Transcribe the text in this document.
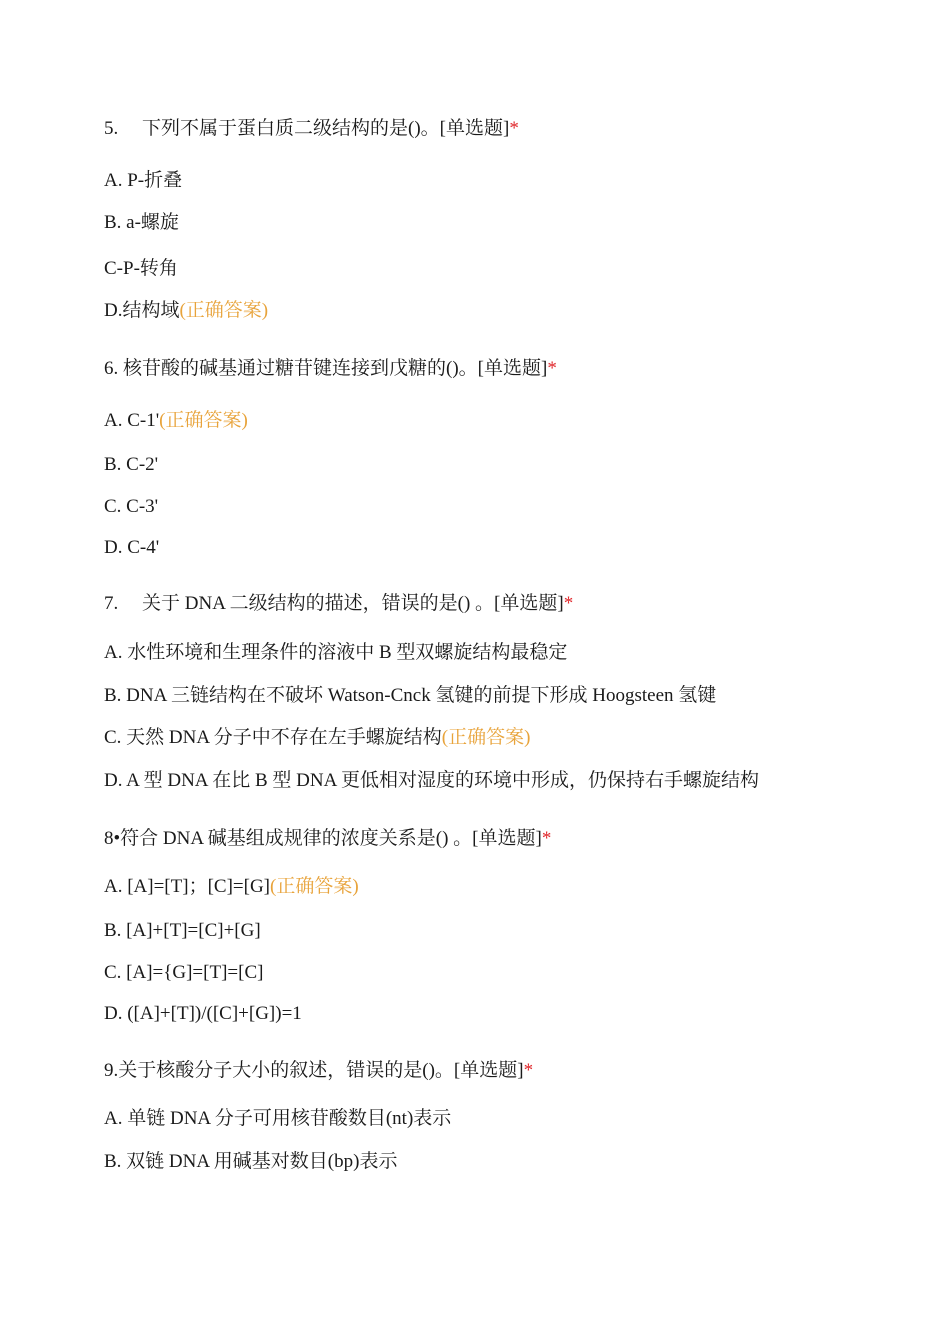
5.　 下列不属于蛋白质二级结构的是()。[单选题]*
A. P-折叠
B. a-螺旋
C-P-转角
D.结构域(正确答案)
6. 核苷酸的碱基通过糖苷键连接到戊糖的()。[单选题]*
A. C-1'(正确答案)
B. C-2'
C. C-3'
D. C-4'
7.　 关于 DNA 二级结构的描述，错误的是() 。[单选题]*
A. 水性环境和生理条件的溶液中 B 型双螺旋结构最稳定
B. DNA 三链结构在不破坏 Watson-Cnck 氢键的前提下形成 Hoogsteen 氢键
C. 天然 DNA 分子中不存在左手螺旋结构(正确答案)
D. A 型 DNA 在比 B 型 DNA 更低相对湿度的环境中形成，仍保持右手螺旋结构
8•符合 DNA 碱基组成规律的浓度关系是() 。[单选题]*
A. [A]=[T]；[C]=[G](正确答案)
B. [A]+[T]=[C]+[G]
C. [A]={G]=[T]=[C]
D. ([A]+[T])/([C]+[G])=1
9.关于核酸分子大小的叙述，错误的是()。[单选题]*
A. 单链 DNA 分子可用核苷酸数目(nt)表示
B. 双链 DNA 用碱基对数目(bp)表示
